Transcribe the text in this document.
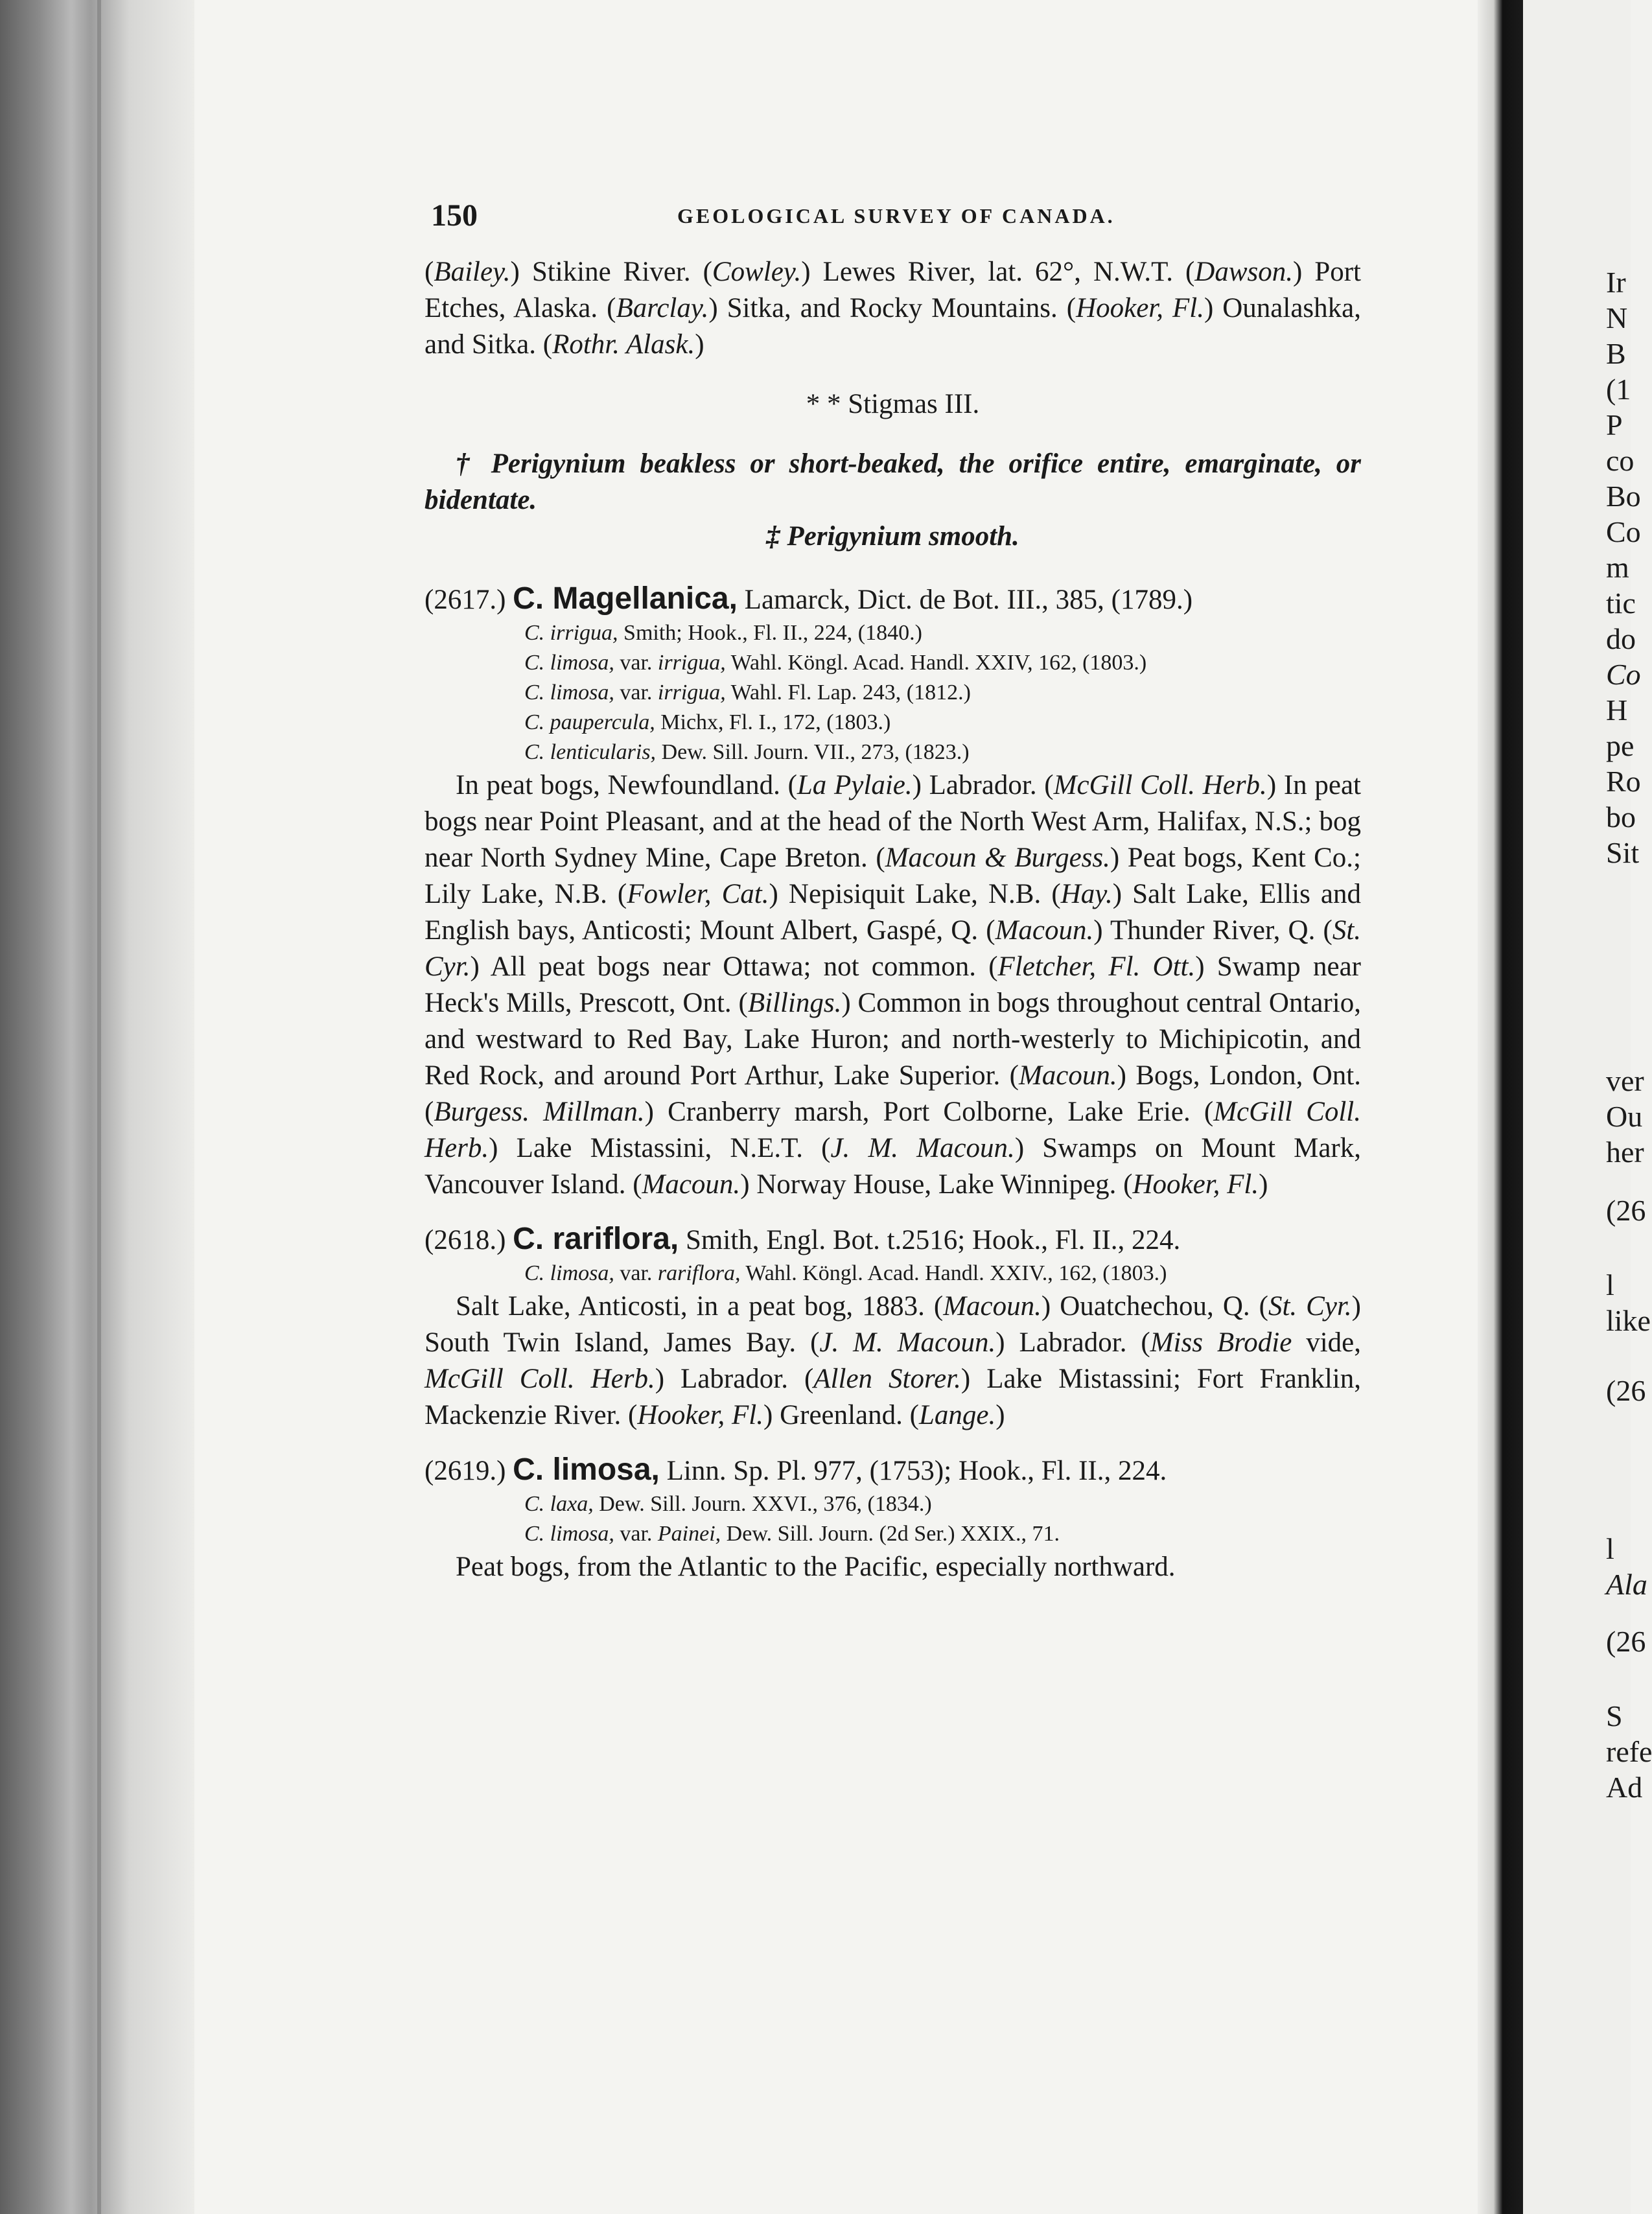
150	GEOLOGICAL SURVEY OF CANADA.

(Bailey.) Stikine River. (Cowley.) Lewes River, lat. 62°, N.W.T. (Dawson.) Port Etches, Alaska. (Barclay.) Sitka, and Rocky Mountains. (Hooker, Fl.) Ounalashka, and Sitka. (Rothr. Alask.)

* * Stigmas III.

† Perigynium beakless or short-beaked, the orifice entire, emarginate, or bidentate.

‡ Perigynium smooth.

(2617.) C. Magellanica, Lamarck, Dict. de Bot. III., 385, (1789.)

C. irrigua, Smith; Hook., Fl. II., 224, (1840.)

C. limosa, var. irrigua, Wahl. Köngl. Acad. Handl. XXIV, 162, (1803.)

C. limosa, var. irrigua, Wahl. Fl. Lap. 243, (1812.)

C. paupercula, Michx, Fl. I., 172, (1803.)

C. lenticularis, Dew. Sill. Journ. VII., 273, (1823.)

In peat bogs, Newfoundland. (La Pylaie.) Labrador. (McGill Coll. Herb.) In peat bogs near Point Pleasant, and at the head of the North West Arm, Halifax, N.S.; bog near North Sydney Mine, Cape Breton. (Macoun & Burgess.) Peat bogs, Kent Co.; Lily Lake, N.B. (Fowler, Cat.) Nepisiquit Lake, N.B. (Hay.) Salt Lake, Ellis and English bays, Anticosti; Mount Albert, Gaspé, Q. (Macoun.) Thunder River, Q. (St. Cyr.) All peat bogs near Ottawa; not common. (Fletcher, Fl. Ott.) Swamp near Heck's Mills, Prescott, Ont. (Billings.) Common in bogs throughout central Ontario, and westward to Red Bay, Lake Huron; and north-westerly to Michipicotin, and Red Rock, and around Port Arthur, Lake Superior. (Macoun.) Bogs, London, Ont. (Burgess. Millman.) Cranberry marsh, Port Colborne, Lake Erie. (McGill Coll. Herb.) Lake Mistassini, N.E.T. (J. M. Macoun.) Swamps on Mount Mark, Vancouver Island. (Macoun.) Norway House, Lake Winnipeg. (Hooker, Fl.)

(2618.) C. rariflora, Smith, Engl. Bot. t.2516; Hook., Fl. II., 224.

C. limosa, var. rariflora, Wahl. Köngl. Acad. Handl. XXIV., 162, (1803.)

Salt Lake, Anticosti, in a peat bog, 1883. (Macoun.) Ouatchechou, Q. (St. Cyr.) South Twin Island, James Bay. (J. M. Macoun.) Labrador. (Miss Brodie vide, McGill Coll. Herb.) Labrador. (Allen Storer.) Lake Mistassini; Fort Franklin, Mackenzie River. (Hooker, Fl.) Greenland. (Lange.)

(2619.) C. limosa, Linn. Sp. Pl. 977, (1753); Hook., Fl. II., 224.

C. laxa, Dew. Sill. Journ. XXVI., 376, (1834.)

C. limosa, var. Painei, Dew. Sill. Journ. (2d Ser.) XXIX., 71.

Peat bogs, from the Atlantic to the Pacific, especially northward.

Ir
N
B
(1
P
co
Bo
Co
m
tic
do
Co
H
pe
Ro
bo
Sit
ver
Ou
her
(26
l
like
(26
l
Ala
(26
S
refe
Ad
